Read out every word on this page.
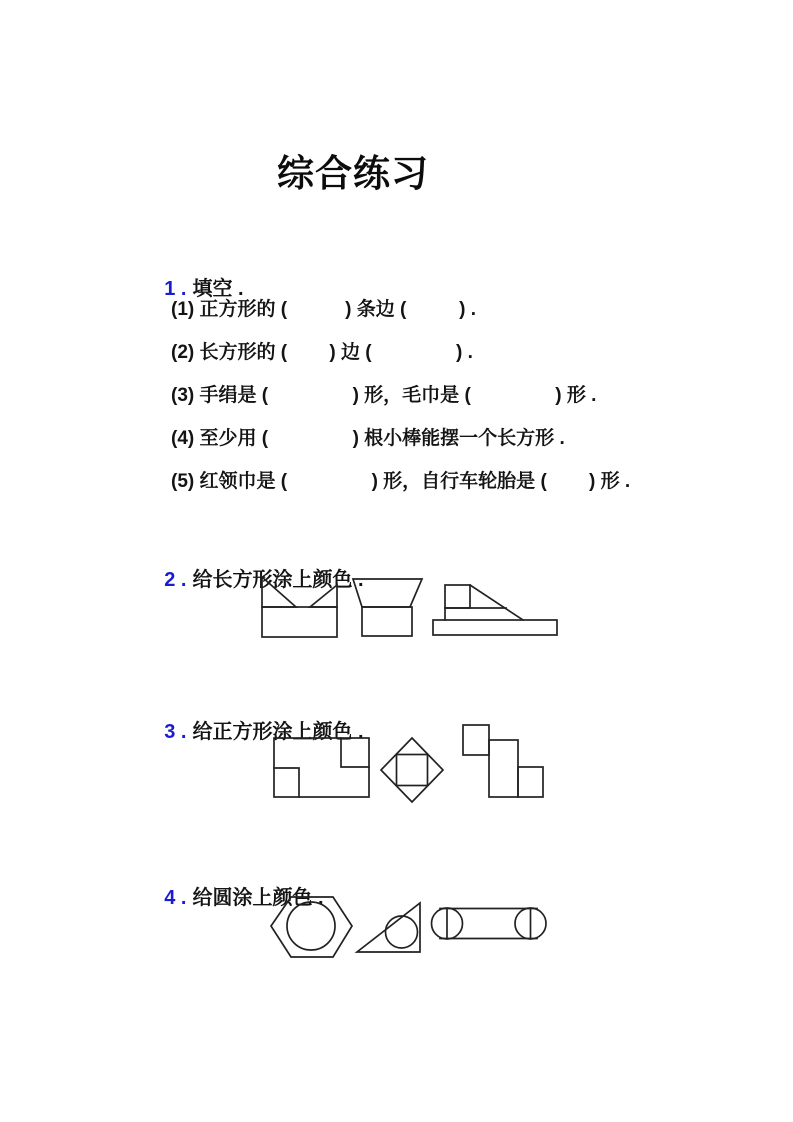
综合练习

1 . 填空 .

(1) 正方形的 (           ) 条边 (          ) .
(2) 长方形的 (        ) 边 (                ) .
(3) 手绢是 (                ) 形，毛巾是 (                ) 形 .
(4) 至少用 (                ) 根小棒能摆一个长方形 .
(5) 红领巾是 (                ) 形，自行车轮胎是 (        ) 形 .

2 . 给长方形涂上颜色 .

3 . 给正方形涂上颜色 .

4 . 给圆涂上颜色 .
